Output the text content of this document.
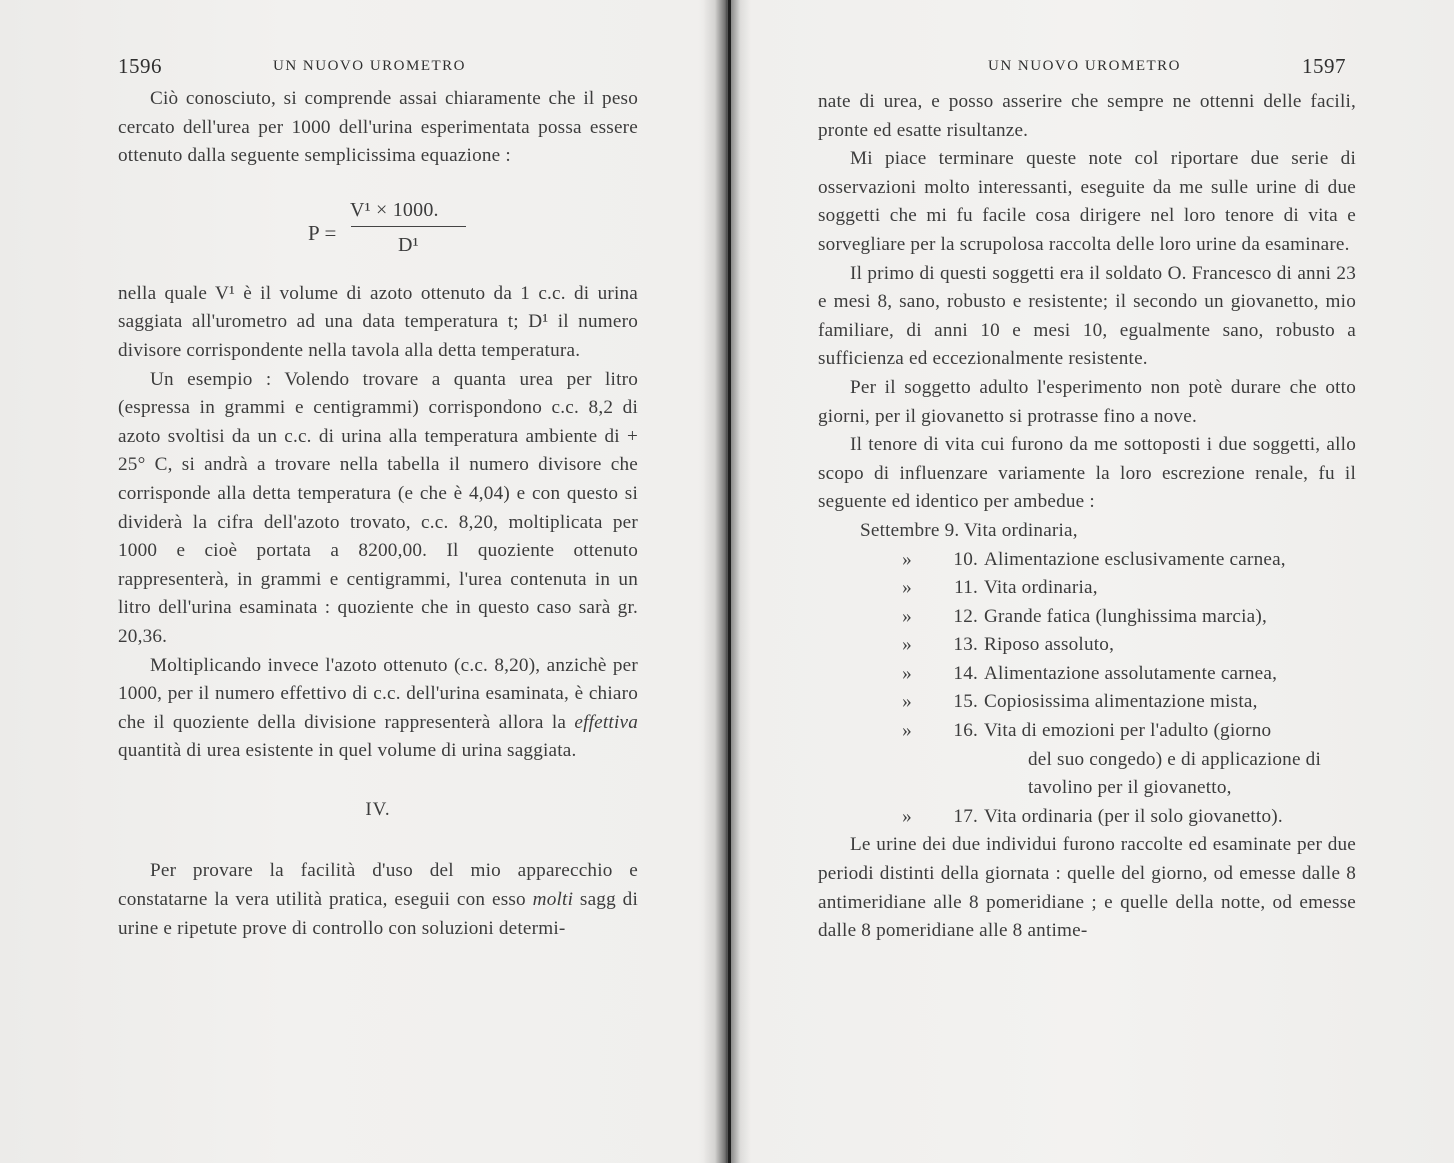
1596	UN NUOVO UROMETRO

Ciò conosciuto, si comprende assai chiaramente che il peso cercato dell'urea per 1000 dell'urina esperimentata possa essere ottenuto dalla seguente semplicissima equazione :

P =
V¹ × 1000.
D¹

nella quale V¹ è il volume di azoto ottenuto da 1 c.c. di urina saggiata all'urometro ad una data temperatura t; D¹ il numero divisore corrispondente nella tavola alla detta temperatura.

Un esempio : Volendo trovare a quanta urea per litro (espressa in grammi e centigrammi) corrispondono c.c. 8,2 di azoto svoltisi da un c.c. di urina alla temperatura ambiente di + 25° C, si andrà a trovare nella tabella il numero divisore che corrisponde alla detta temperatura (e che è 4,04) e con questo si dividerà la cifra dell'azoto trovato, c.c. 8,20, moltiplicata per 1000 e cioè portata a 8200,00. Il quoziente ottenuto rappresenterà, in grammi e centigrammi, l'urea contenuta in un litro dell'urina esaminata : quoziente che in questo caso sarà gr. 20,36.

Moltiplicando invece l'azoto ottenuto (c.c. 8,20), anzichè per 1000, per il numero effettivo di c.c. dell'urina esaminata, è chiaro che il quoziente della divisione rappresenterà allora la effettiva quantità di urea esistente in quel volume di urina saggiata.

IV.

Per provare la facilità d'uso del mio apparecchio e constatarne la vera utilità pratica, eseguii con esso molti sagg di urine e ripetute prove di controllo con soluzioni determi-

UN NUOVO UROMETRO	1597

nate di urea, e posso asserire che sempre ne ottenni delle facili, pronte ed esatte risultanze.

Mi piace terminare queste note col riportare due serie di osservazioni molto interessanti, eseguite da me sulle urine di due soggetti che mi fu facile cosa dirigere nel loro tenore di vita e sorvegliare per la scrupolosa raccolta delle loro urine da esaminare.

Il primo di questi soggetti era il soldato O. Francesco di anni 23 e mesi 8, sano, robusto e resistente; il secondo un giovanetto, mio familiare, di anni 10 e mesi 10, egualmente sano, robusto a sufficienza ed eccezionalmente resistente.

Per il soggetto adulto l'esperimento non potè durare che otto giorni, per il giovanetto si protrasse fino a nove.

Il tenore di vita cui furono da me sottoposti i due soggetti, allo scopo di influenzare variamente la loro escrezione renale, fu il seguente ed identico per ambedue :

Settembre 9. Vita ordinaria,
»	10. Alimentazione esclusivamente carnea,
»	11. Vita ordinaria,
»	12. Grande fatica (lunghissima marcia),
»	13. Riposo assoluto,
»	14. Alimentazione assolutamente carnea,
»	15. Copiosissima alimentazione mista,
»	16. Vita di emozioni per l'adulto (giorno
del suo congedo) e di applicazione di
tavolino per il giovanetto,
»	17. Vita ordinaria (per il solo giovanetto).

Le urine dei due individui furono raccolte ed esaminate per due periodi distinti della giornata : quelle del giorno, od emesse dalle 8 antimeridiane alle 8 pomeridiane ; e quelle della notte, od emesse dalle 8 pomeridiane alle 8 antime-
